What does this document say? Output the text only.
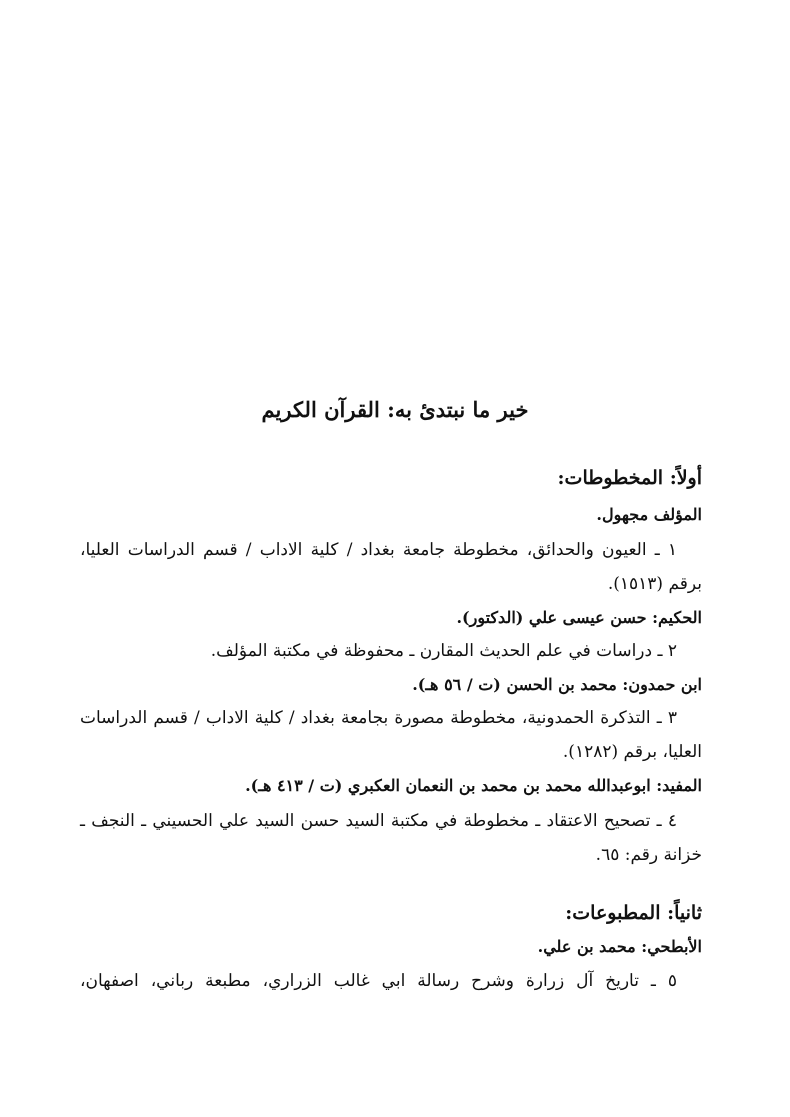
خير ما نبتدئ به: القرآن الكريم
أولاً: المخطوطات:
المؤلف مجهول.
١ ـ العيون والحدائق، مخطوطة جامعة بغداد / كلية الاداب / قسم الدراسات العليا،
برقم (١٥١٣).
الحكيم: حسن عيسى علي (الدكتور).
٢ ـ دراسات في علم الحديث المقارن ـ محفوظة في مكتبة المؤلف.
ابن حمدون: محمد بن الحسن (ت / ٥٦ هـ).
٣ ـ التذكرة الحمدونية، مخطوطة مصورة بجامعة بغداد / كلية الاداب / قسم الدراسات
العليا، برقم (١٢٨٢).
المفيد: ابوعبدالله محمد بن محمد بن النعمان العكبري (ت / ٤١٣ هـ).
٤ ـ تصحيح الاعتقاد ـ مخطوطة في مكتبة السيد حسن السيد علي الحسيني ـ النجف ـ
خزانة رقم: ٦٥.
ثانياً: المطبوعات:
الأبطحي: محمد بن علي.
٥ ـ تاريخ آل زرارة وشرح رسالة ابي غالب الزراري، مطبعة رباني، اصفهان،
